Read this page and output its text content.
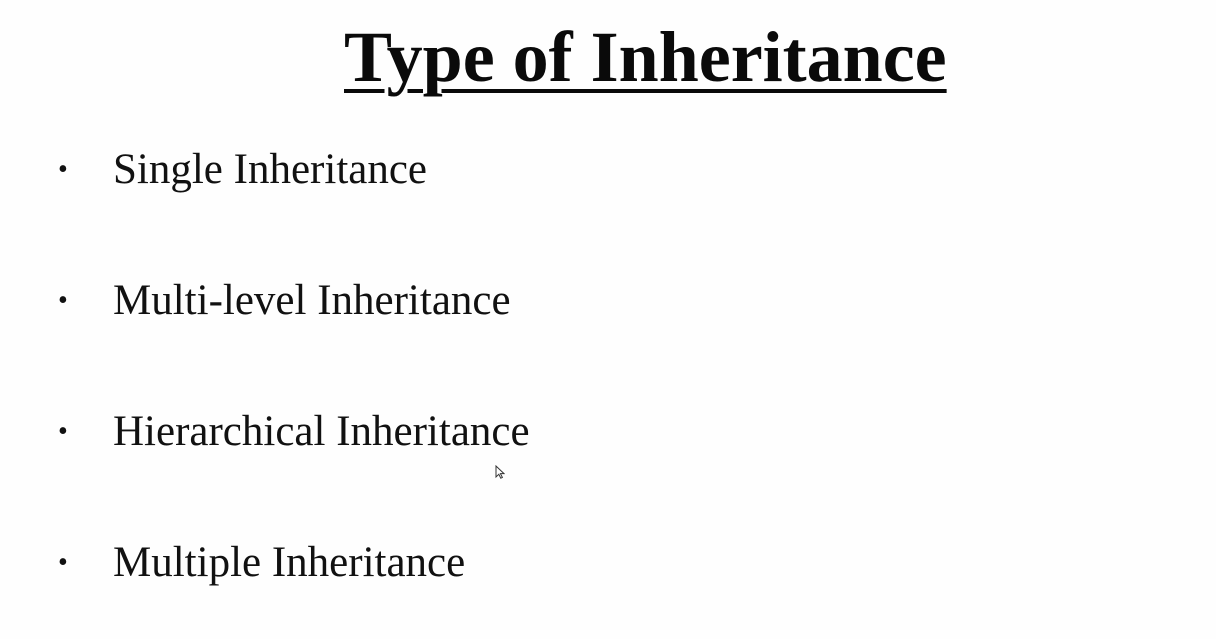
Type of Inheritance
•	Single Inheritance
•	Multi-level Inheritance
•	Hierarchical Inheritance
•	Multiple Inheritance
